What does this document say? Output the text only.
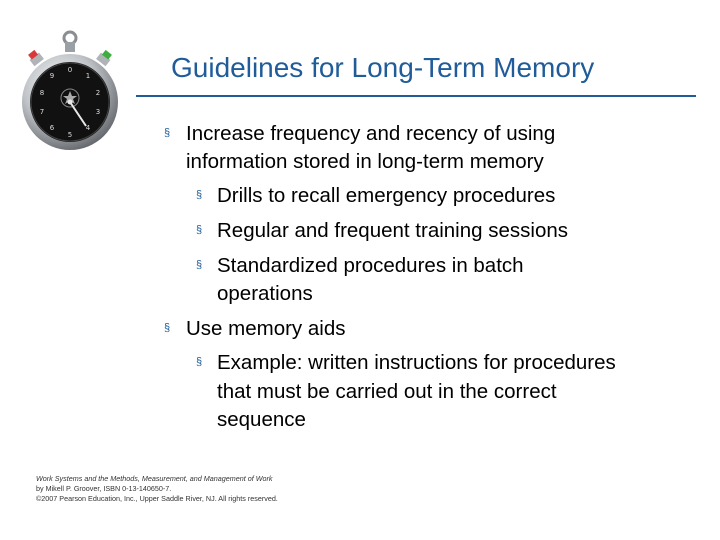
0
1
2
3
4
5
6
7
8
9	Guidelines for Long-Term Memory
§ Increase frequency and recency of using
information stored in long-term memory
§ Drills to recall emergency procedures
§ Regular and frequent training sessions
§ Standardized procedures in batch
operations
§ Use memory aids
§ Example: written instructions for procedures
that must be carried out in the correct
sequence
Work Systems and the Methods, Measurement, and Management of Work
by Mikell P. Groover, ISBN 0-13-140650-7.
©2007 Pearson Education, Inc., Upper Saddle River, NJ. All rights reserved.
